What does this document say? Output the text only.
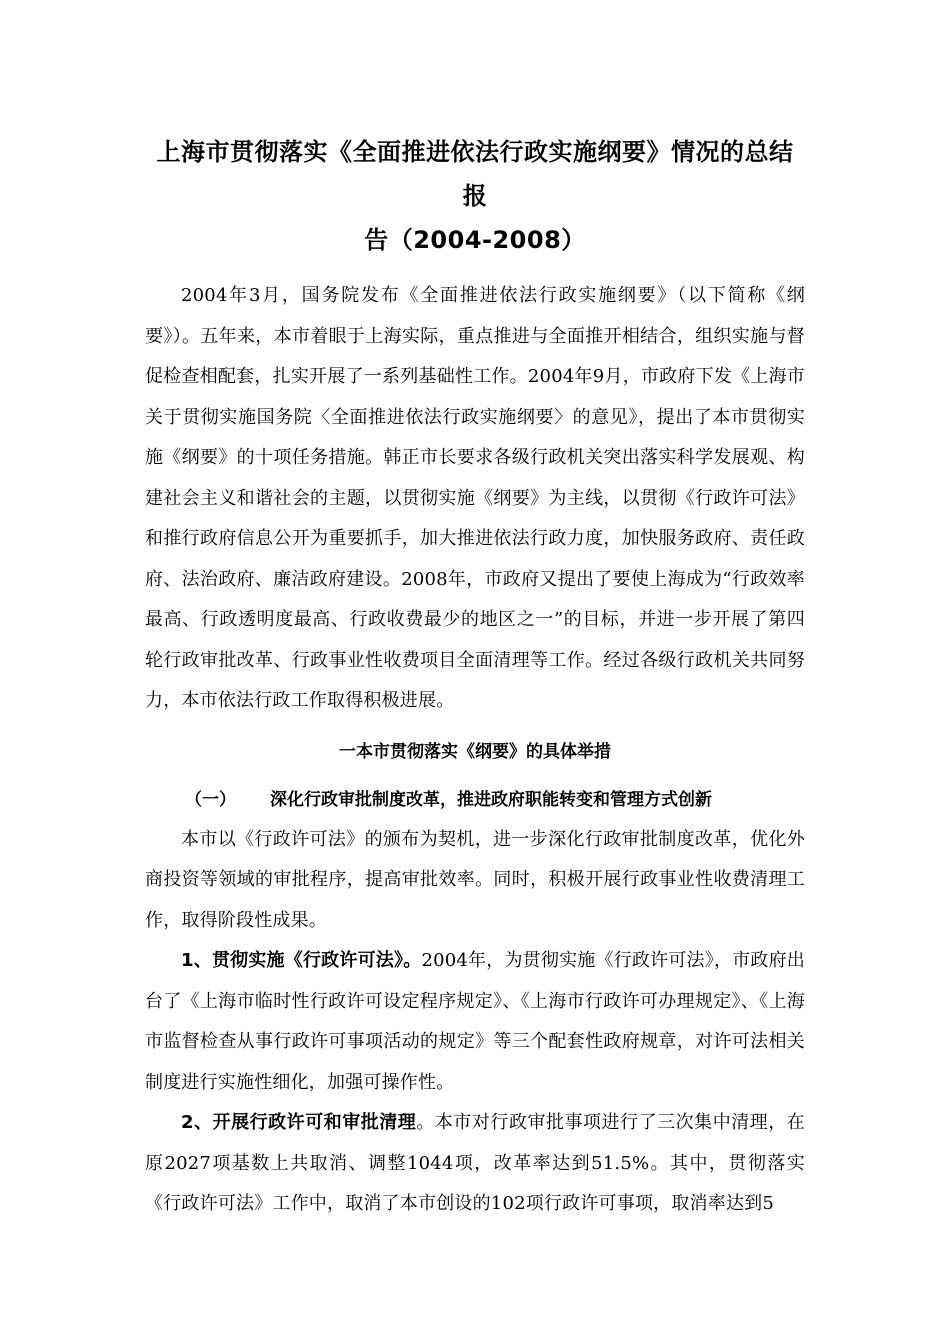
上海市贯彻落实《全面推进依法行政实施纲要》情况的总结报
告（2004-2008）

2004年3月，国务院发布《全面推进依法行政实施纲要》（以下简称《纲要》）。五年来，本市着眼于上海实际，重点推进与全面推开相结合，组织实施与督促检查相配套，扎实开展了一系列基础性工作。2004年9月，市政府下发《上海市关于贯彻实施国务院〈全面推进依法行政实施纲要〉的意见》，提出了本市贯彻实施《纲要》的十项任务措施。韩正市长要求各级行政机关突出落实科学发展观、构建社会主义和谐社会的主题，以贯彻实施《纲要》为主线，以贯彻《行政许可法》和推行政府信息公开为重要抓手，加大推进依法行政力度，加快服务政府、责任政府、法治政府、廉洁政府建设。2008年，市政府又提出了要使上海成为“行政效率最高、行政透明度最高、行政收费最少的地区之一”的目标，并进一步开展了第四轮行政审批改革、行政事业性收费项目全面清理等工作。经过各级行政机关共同努力，本市依法行政工作取得积极进展。

一本市贯彻落实《纲要》的具体举措
（一） 深化行政审批制度改革，推进政府职能转变和管理方式创新

本市以《行政许可法》的颁布为契机，进一步深化行政审批制度改革，优化外商投资等领域的审批程序，提高审批效率。同时，积极开展行政事业性收费清理工作，取得阶段性成果。

1、贯彻实施《行政许可法》。2004年，为贯彻实施《行政许可法》，市政府出台了《上海市临时性行政许可设定程序规定》、《上海市行政许可办理规定》、《上海市监督检查从事行政许可事项活动的规定》等三个配套性政府规章，对许可法相关制度进行实施性细化，加强可操作性。

2、开展行政许可和审批清理。本市对行政审批事项进行了三次集中清理，在原2027项基数上共取消、调整1044项，改革率达到51.5%。其中，贯彻落实《行政许可法》工作中，取消了本市创设的102项行政许可事项，取消率达到5
